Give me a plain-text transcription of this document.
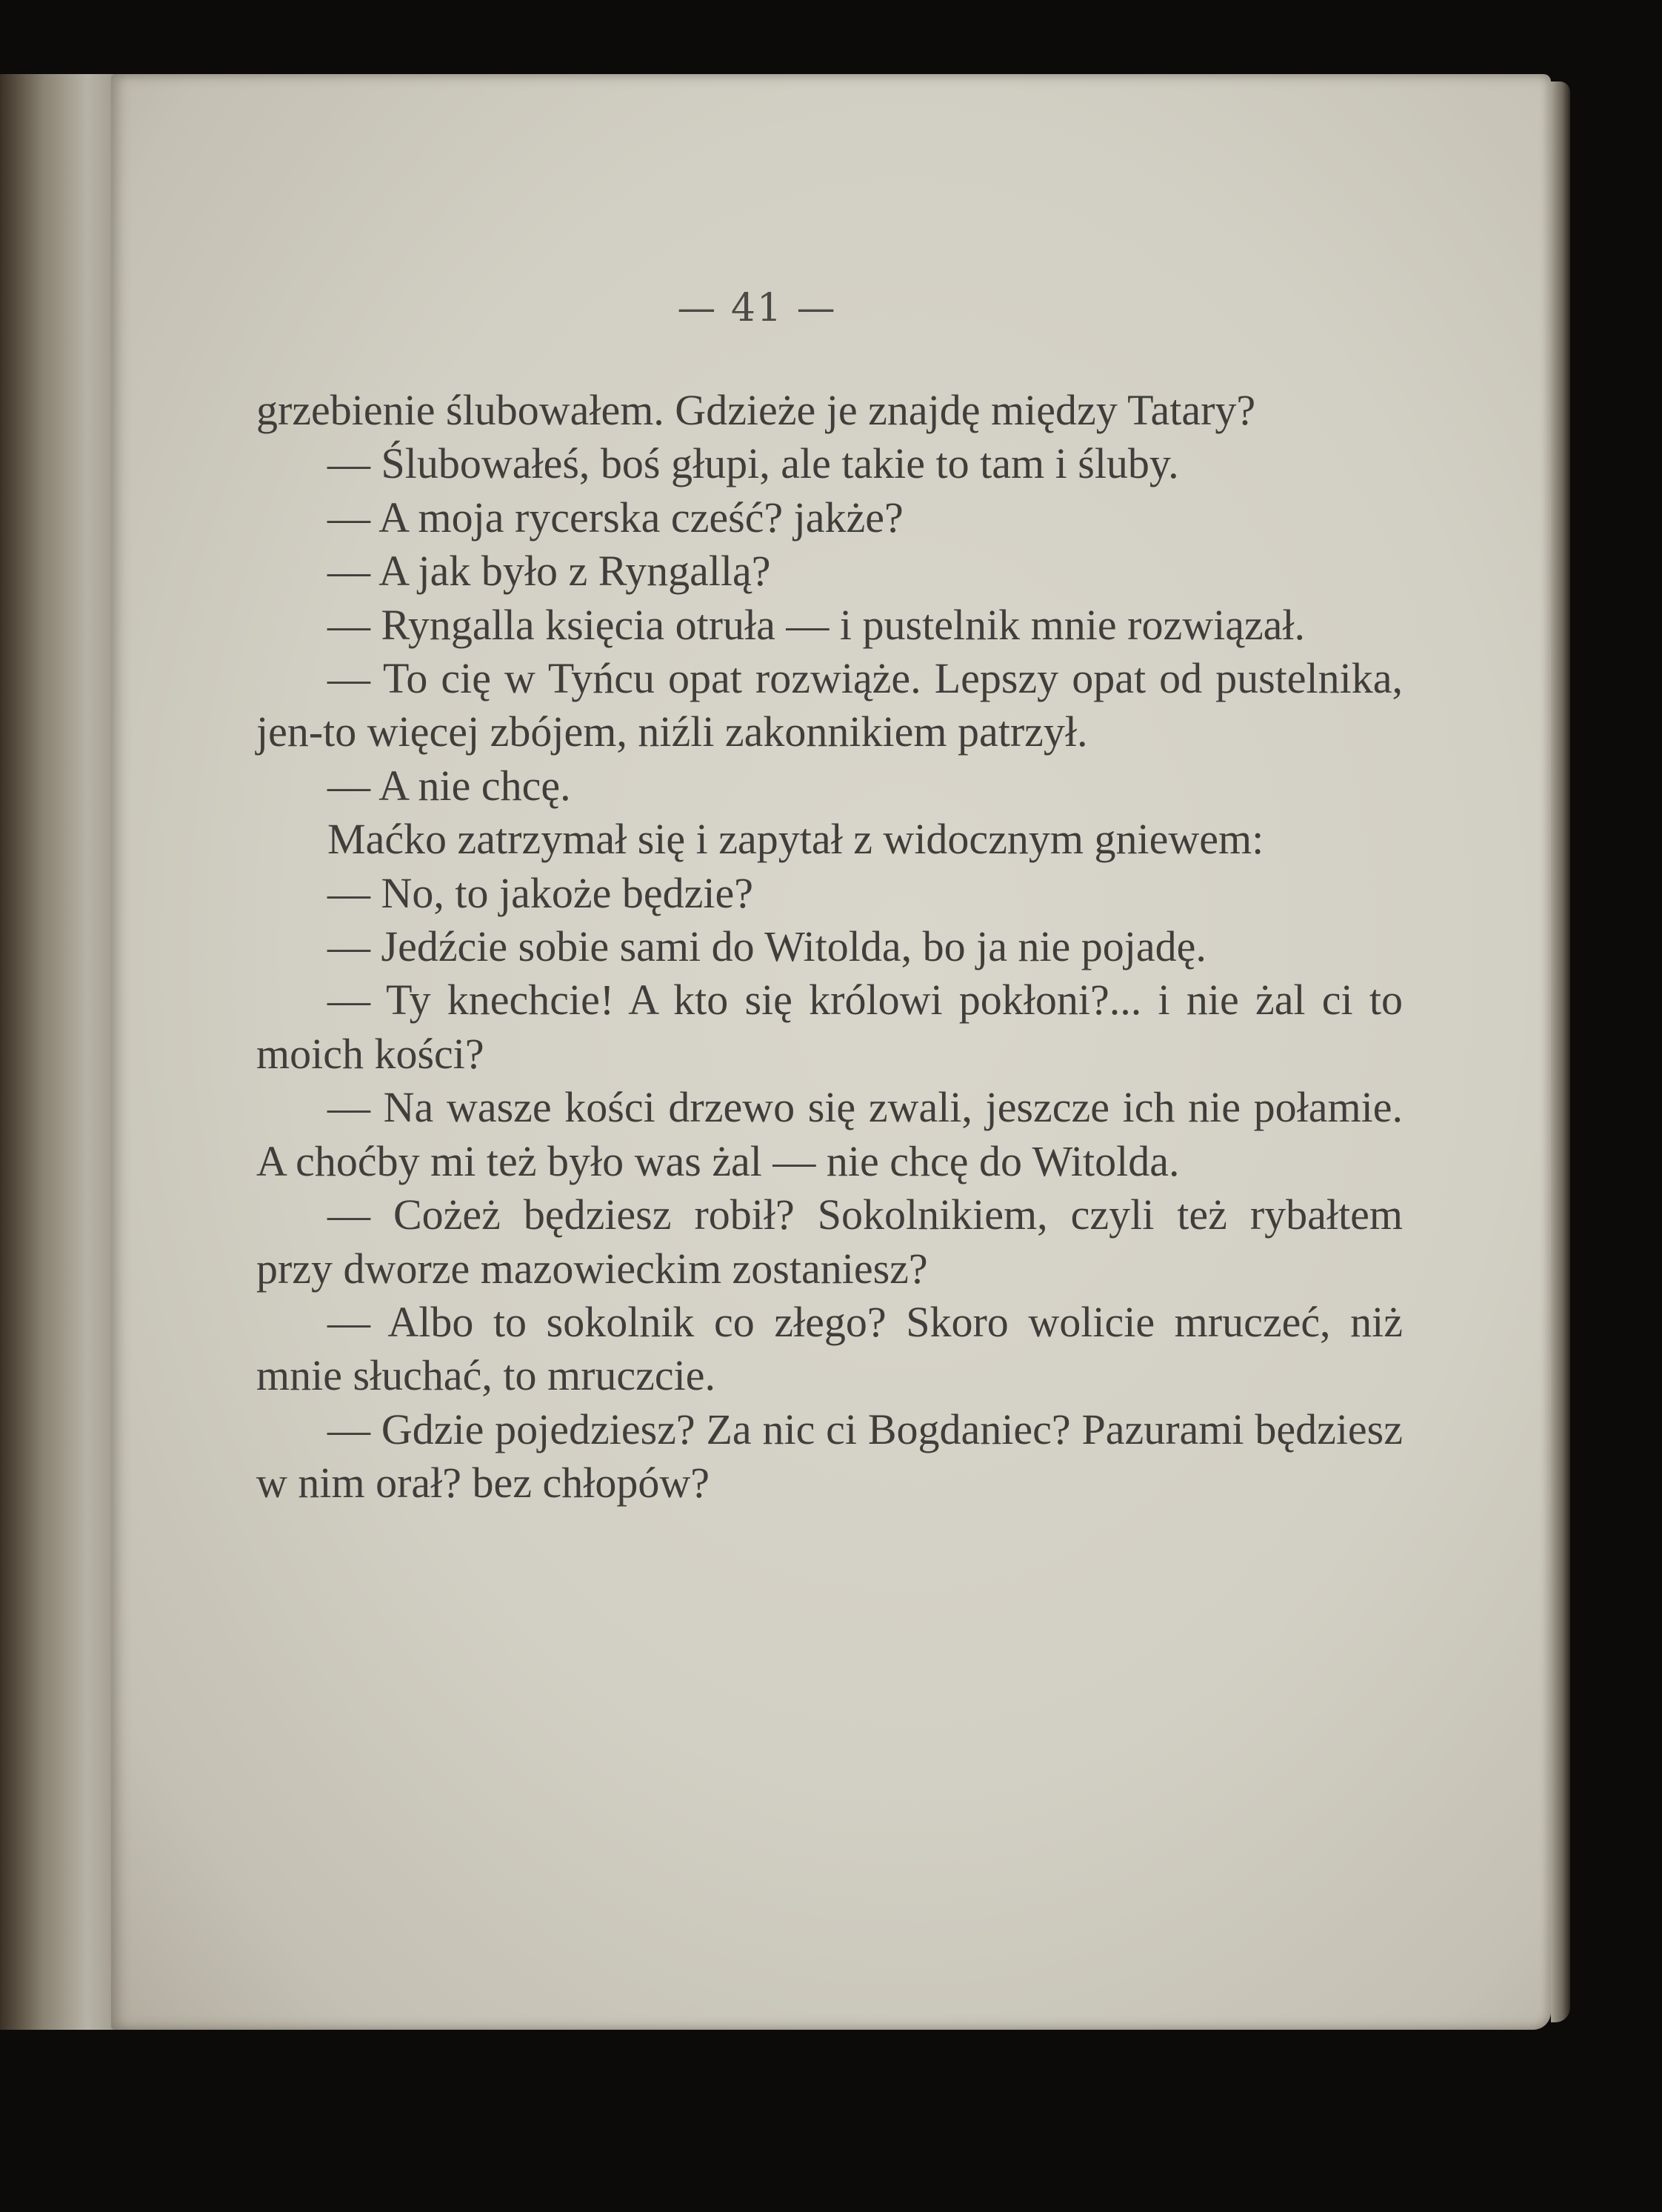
— 41 —

grzebienie ślubowałem. Gdzieże je znajdę między Tatary?

— Ślubowałeś, boś głupi, ale takie to tam i śluby.

— A moja rycerska cześć? jakże?

— A jak było z Ryngallą?

— Ryngalla księcia otruła — i pustelnik mnie rozwiązał.

— To cię w Tyńcu opat rozwiąże. Lepszy opat od pustelnika, jen-to więcej zbójem, niźli zakonnikiem patrzył.

— A nie chcę.

Maćko zatrzymał się i zapytał z widocznym gniewem:

— No, to jakoże będzie?

— Jedźcie sobie sami do Witolda, bo ja nie pojadę.

— Ty knechcie! A kto się królowi pokłoni?... i nie żal ci to moich kości?

— Na wasze kości drzewo się zwali, jeszcze ich nie połamie. A choćby mi też było was żal — nie chcę do Witolda.

— Cożeż będziesz robił? Sokolnikiem, czyli też rybałtem przy dworze mazowieckim zostaniesz?

— Albo to sokolnik co złego? Skoro wolicie mruczeć, niż mnie słuchać, to mruczcie.

— Gdzie pojedziesz? Za nic ci Bogdaniec? Pazurami będziesz w nim orał? bez chłopów?
